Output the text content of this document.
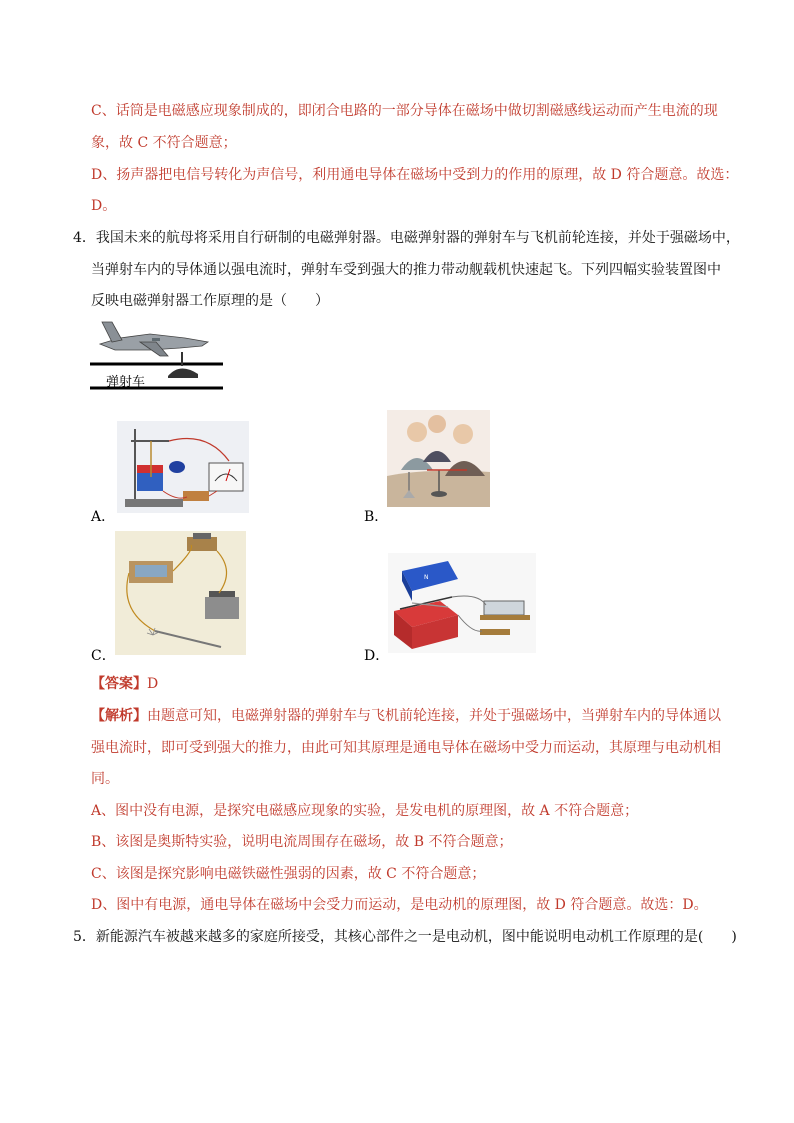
C、话筒是电磁感应现象制成的，即闭合电路的一部分导体在磁场中做切割磁感线运动而产生电流的现
象，故 C 不符合题意；
D、扬声器把电信号转化为声信号，利用通电导体在磁场中受到力的作用的原理，故 D 符合题意。故选：
D。
4．我国未来的航母将采用自行研制的电磁弹射器。电磁弹射器的弹射车与飞机前轮连接，并处于强磁场中，
当弹射车内的导体通以强电流时，弹射车受到强大的推力带动舰载机快速起飞。下列四幅实验装置图中
反映电磁弹射器工作原理的是（　　）
弹射车
A．	B．
C．
N
D．
【答案】D
【解析】由题意可知，电磁弹射器的弹射车与飞机前轮连接，并处于强磁场中，当弹射车内的导体通以
强电流时，即可受到强大的推力，由此可知其原理是通电导体在磁场中受力而运动，其原理与电动机相
同。
A、图中没有电源，是探究电磁感应现象的实验，是发电机的原理图，故 A 不符合题意；
B、该图是奥斯特实验，说明电流周围存在磁场，故 B 不符合题意；
C、该图是探究影响电磁铁磁性强弱的因素，故 C 不符合题意；
D、图中有电源，通电导体在磁场中会受力而运动，是电动机的原理图，故 D 符合题意。故选：D。
5．新能源汽车被越来越多的家庭所接受，其核心部件之一是电动机，图中能说明电动机工作原理的是(　　)
